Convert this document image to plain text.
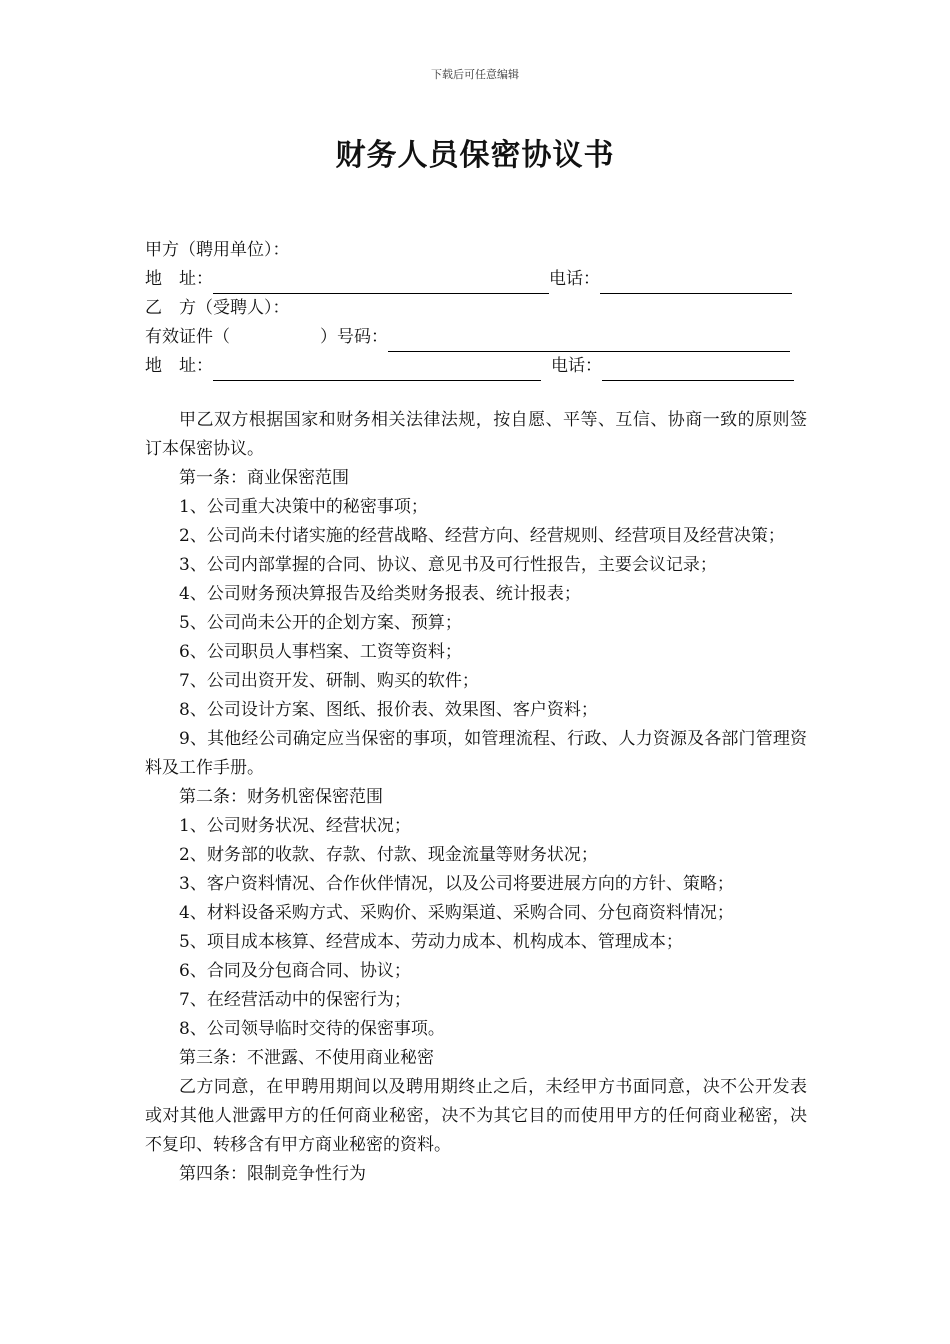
下载后可任意编辑
财务人员保密协议书
甲方（聘用单位）：
地　址：	电话：
乙　方（受聘人）：
有效证件（	）号码：
地　址：	电话：

甲乙双方根据国家和财务相关法律法规，按自愿、平等、互信、协商一致的原则签订本保密协议。

第一条：商业保密范围

1、公司重大决策中的秘密事项；

2、公司尚未付诸实施的经营战略、经营方向、经营规则、经营项目及经营决策；

3、公司内部掌握的合同、协议、意见书及可行性报告，主要会议记录；

4、公司财务预决算报告及给类财务报表、统计报表；

5、公司尚未公开的企划方案、预算；

6、公司职员人事档案、工资等资料；

7、公司出资开发、研制、购买的软件；

8、公司设计方案、图纸、报价表、效果图、客户资料；

9、其他经公司确定应当保密的事项，如管理流程、行政、人力资源及各部门管理资料及工作手册。

第二条：财务机密保密范围

1、公司财务状况、经营状况；

2、财务部的收款、存款、付款、现金流量等财务状况；

3、客户资料情况、合作伙伴情况，以及公司将要进展方向的方针、策略；

4、材料设备采购方式、采购价、采购渠道、采购合同、分包商资料情况；

5、项目成本核算、经营成本、劳动力成本、机构成本、管理成本；

6、合同及分包商合同、协议；

7、在经营活动中的保密行为；

8、公司领导临时交待的保密事项。

第三条：不泄露、不使用商业秘密

乙方同意，在甲聘用期间以及聘用期终止之后，未经甲方书面同意，决不公开发表或对其他人泄露甲方的任何商业秘密，决不为其它目的而使用甲方的任何商业秘密，决不复印、转移含有甲方商业秘密的资料。

第四条：限制竞争性行为
